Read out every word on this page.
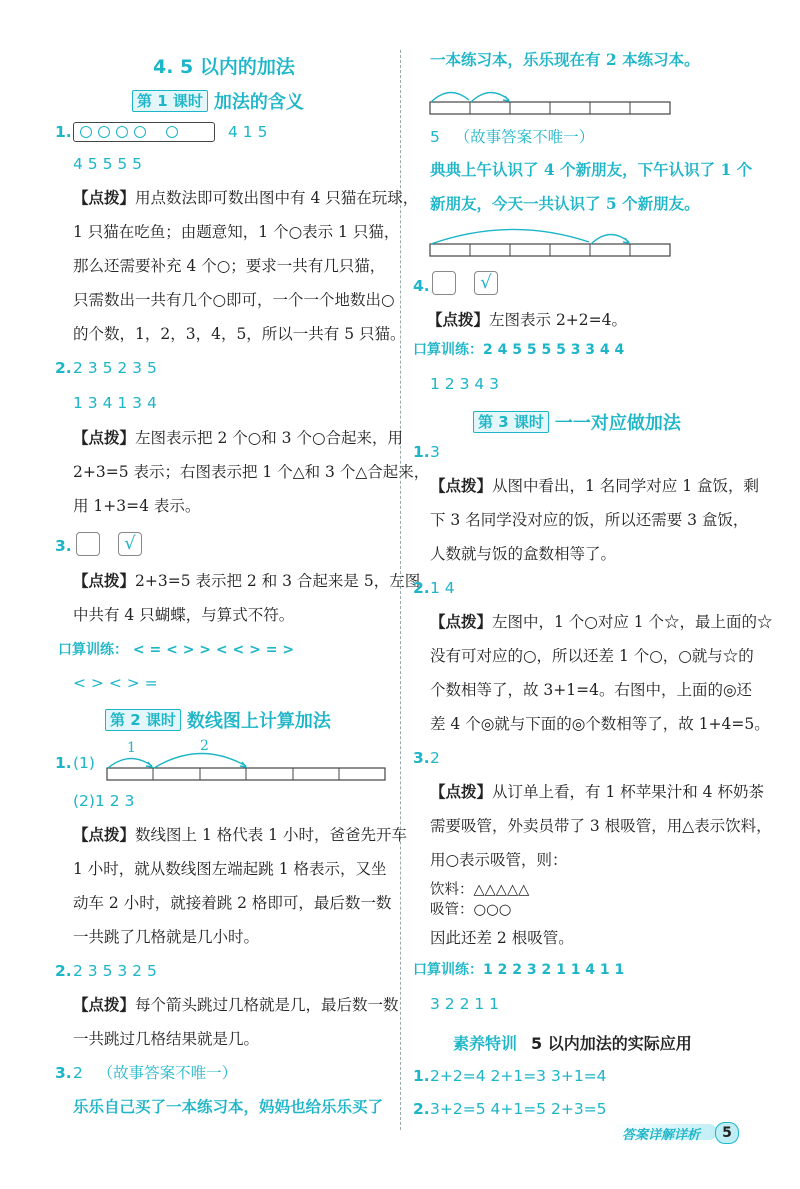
4. 5 以内的加法
第 1 课时 加法的含义
1.	4 1 5
4 5 5 5 5
【点拨】用点数法即可数出图中有 4 只猫在玩球，
1 只猫在吃鱼；由题意知，1 个○表示 1 只猫，
那么还需要补充 4 个○；要求一共有几只猫，
只需数出一共有几个○即可，一个一个地数出○
的个数，1，2，3，4，5，所以一共有 5 只猫。
2. 2 3 5 2 3 5
1 3 4 1 3 4
【点拨】左图表示把 2 个○和 3 个○合起来，用
2+3=5 表示；右图表示把 1 个△和 3 个△合起来，
用 1+3=4 表示。
3.	√
【点拨】2+3=5 表示把 2 和 3 合起来是 5，左图
中共有 4 只蝴蝶，与算式不符。
口算训练： < = < > > < < > = >
< > < > =
第 2 课时 数线图上计算加法
1. (1)
1	2
(2)1 2 3
【点拨】数线图上 1 格代表 1 小时，爸爸先开车
1 小时，就从数线图左端起跳 1 格表示，又坐
动车 2 小时，就接着跳 2 格即可，最后数一数
一共跳了几格就是几小时。
2. 2 3 5 3 2 5
【点拨】每个箭头跳过几格就是几，最后数一数
一共跳过几格结果就是几。
3. 2 （故事答案不唯一）
乐乐自己买了一本练习本，妈妈也给乐乐买了
一本练习本，乐乐现在有 2 本练习本。
5 （故事答案不唯一）
典典上午认识了 4 个新朋友，下午认识了 1 个
新朋友，今天一共认识了 5 个新朋友。
4.	√
【点拨】左图表示 2+2=4。
口算训练：2 4 5 5 5 5 3 3 4 4
1 2 3 4 3
第 3 课时 一一对应做加法
1. 3
【点拨】从图中看出，1 名同学对应 1 盒饭，剩
下 3 名同学没对应的饭，所以还需要 3 盒饭，
人数就与饭的盒数相等了。
2. 1 4
【点拨】左图中，1 个○对应 1 个☆，最上面的☆
没有可对应的○，所以还差 1 个○，○就与☆的
个数相等了，故 3+1=4。右图中，上面的◎还
差 4 个◎就与下面的◎个数相等了，故 1+4=5。
3. 2
【点拨】从订单上看，有 1 杯苹果汁和 4 杯奶茶
需要吸管，外卖员带了 3 根吸管，用△表示饮料，
用○表示吸管，则：
饮料：△△△△△
吸管：○○○
因此还差 2 根吸管。
口算训练：1 2 2 3 2 1 1 4 1 1
3 2 2 1 1
素养特训 5 以内加法的实际应用
1. 2+2=4 2+1=3 3+1=4
2. 3+2=5 4+1=5 2+3=5
答案详解详析	5
